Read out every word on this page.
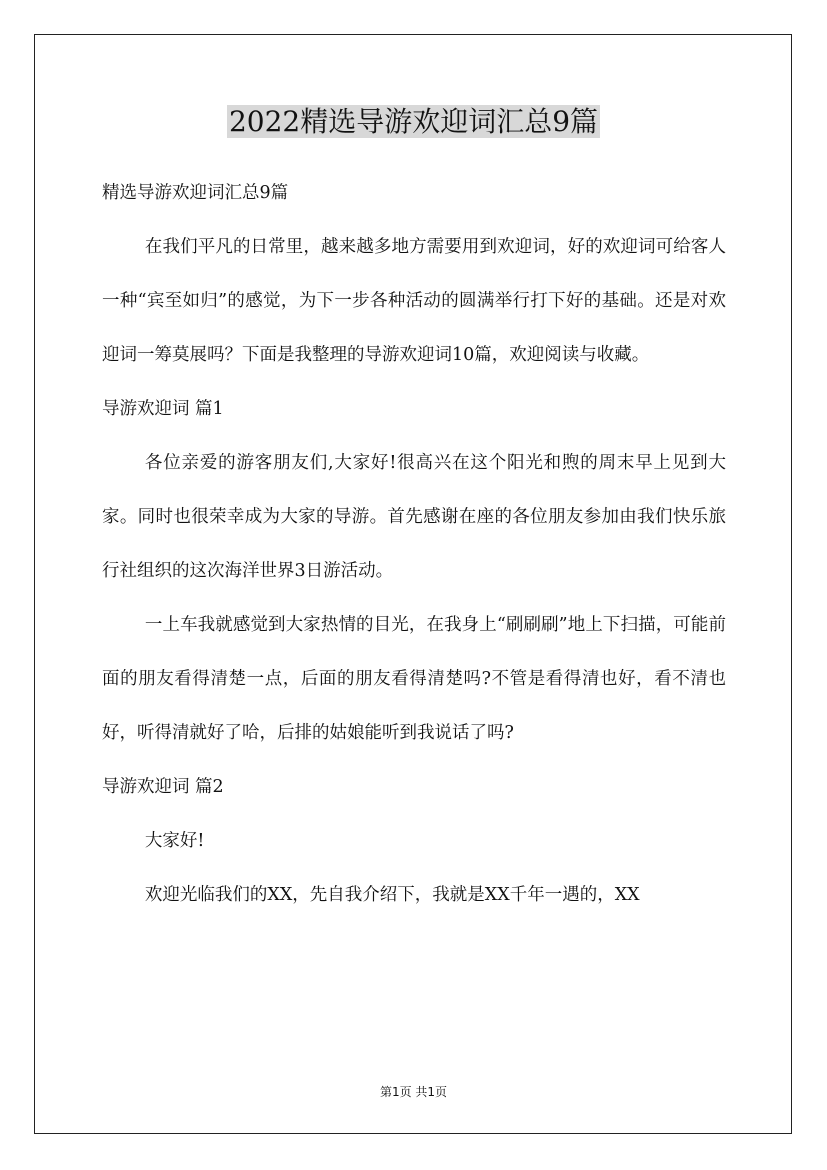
2022精选导游欢迎词汇总9篇
精选导游欢迎词汇总9篇
在我们平凡的日常里，越来越多地方需要用到欢迎词，好的欢迎词可给客人一种“宾至如归”的感觉，为下一步各种活动的圆满举行打下好的基础。还是对欢迎词一筹莫展吗？下面是我整理的导游欢迎词10篇，欢迎阅读与收藏。
导游欢迎词 篇1
各位亲爱的游客朋友们,大家好!很高兴在这个阳光和煦的周末早上见到大家。同时也很荣幸成为大家的导游。首先感谢在座的各位朋友参加由我们快乐旅行社组织的这次海洋世界3日游活动。
一上车我就感觉到大家热情的目光，在我身上“刷刷刷”地上下扫描，可能前面的朋友看得清楚一点，后面的朋友看得清楚吗?不管是看得清也好，看不清也好，听得清就好了哈，后排的姑娘能听到我说话了吗?
导游欢迎词 篇2
大家好!
欢迎光临我们的XX，先自我介绍下，我就是XX千年一遇的，XX
第1页 共1页
